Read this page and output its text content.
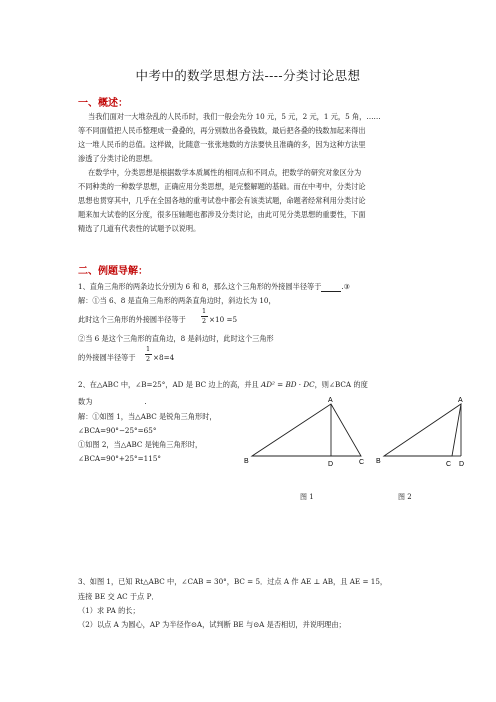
中考中的数学思想方法----分类讨论思想
一、概述：
当我们面对一大堆杂乱的人民币时，我们一般会先分 10 元，5 元，2 元，1 元，5 角，……
等不同面值把人民币整理成一叠叠的，再分别数出各叠钱数，最后把各叠的钱数加起来得出
这一堆人民币的总值。这样做，比随意一张张地数的方法要快且准确的多，因为这种方法里
渗透了分类讨论的思想。
在数学中，分类思想是根据数学本质属性的相同点和不同点，把数学的研究对象区分为
不同种类的一种数学思想，正确应用分类思想，是完整解题的基础。而在中考中，分类讨论
思想也贯穿其中，几乎在全国各地的重考试卷中都会有该类试题，命题者经常利用分类讨论
题来加大试卷的区分度，很多压轴题也都涉及分类讨论，由此可见分类思想的重要性，下面
精选了几道有代表性的试题予以说明。
二、例题导解：
1、直角三角形的两条边长分别为 6 和 8，那么这个三角形的外接圆半径等于	.③
解：①当 6、8 是直角三角形的两条直角边时，斜边长为 10，
此时这个三角形的外接圆半径等于
1
2 ×10 =5
②当 6 是这个三角形的直角边，8 是斜边时，此时这个三角形
的外接圆半径等于
1
2 ×8=4
2、在△ABC 中，∠B=25°，AD 是 BC 边上的高，并且 AD² = BD · DC，则∠BCA 的度
数为	.
解：①如图 1，当△ABC 是锐角三角形时，
∠BCA=90°−25°=65°
①如图 2，当△ABC 是钝角三角形时，
∠BCA=90°+25°=115°
A
B	D	C
A
B	C D
图 1	图 2
3、如图 1，已知 Rt△ABC 中，∠CAB = 30°，BC = 5．过点 A 作 AE ⊥ AB，且 AE = 15，
连接 BE 交 AC 于点 P．
（1）求 PA 的长；
（2）以点 A 为圆心，AP 为半径作⊙A，试判断 BE 与⊙A 是否相切，并说明理由；
